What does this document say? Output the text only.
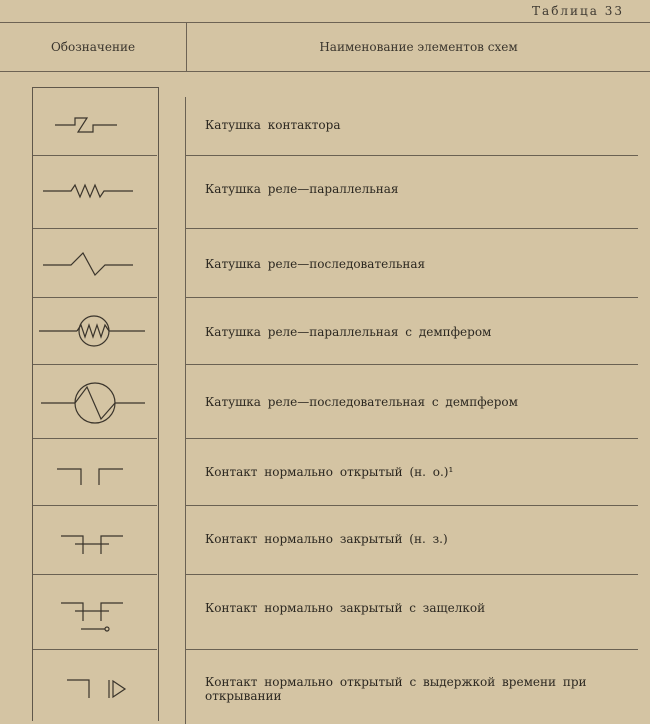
Таблица 33
Обозначение	Наименование элементов схем
Катушка контактора
Катушка реле—параллельная
Катушка реле—последовательная
Катушка реле—параллельная с демпфером
Катушка реле—последовательная с демпфером
Контакт нормально открытый (н. о.)¹
Контакт нормально закрытый (н. з.)
Контакт нормально закрытый с защелкой
Контакт нормально открытый с выдержкой времени при открывании
